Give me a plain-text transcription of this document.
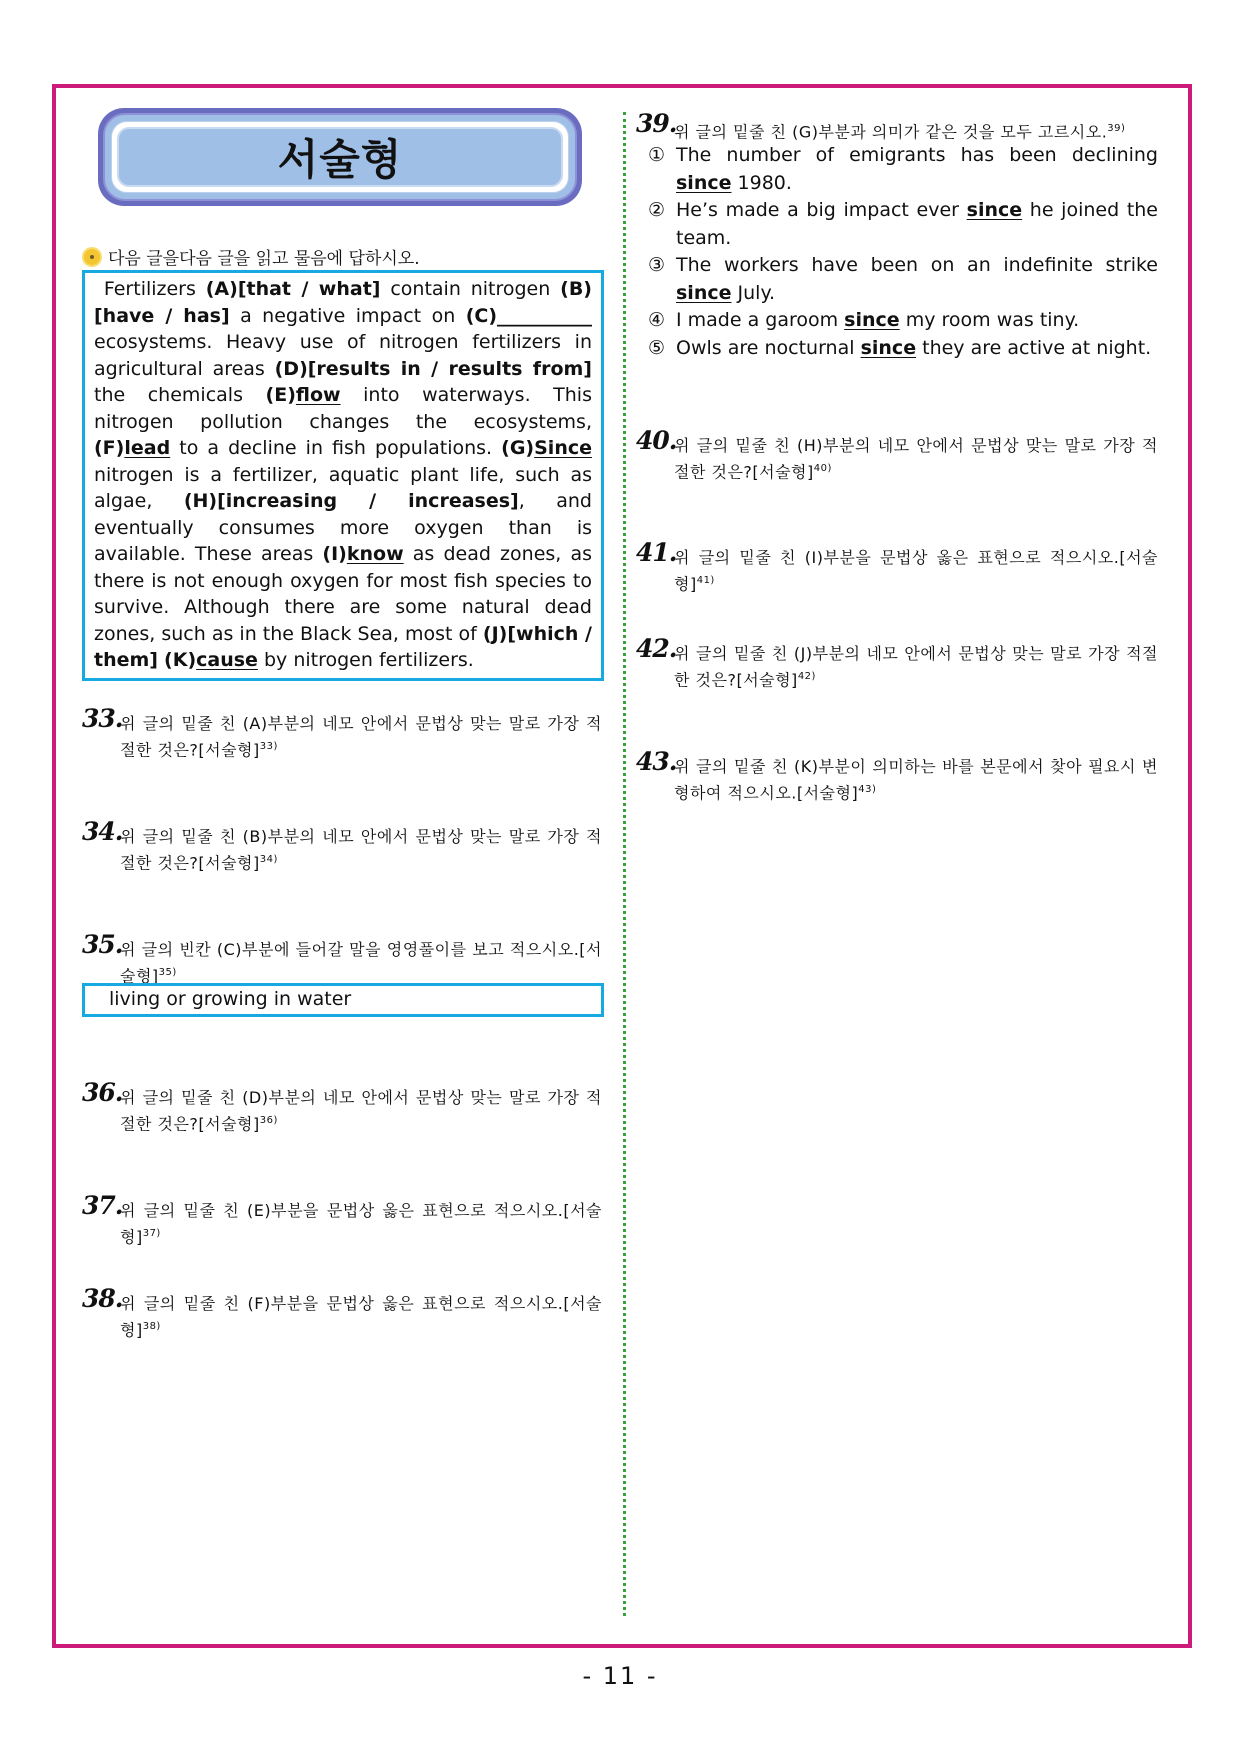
서술형
다음 글을다음 글을 읽고 물음에 답하시오.
Fertilizers (A)[that / what] contain nitrogen (B)[have / has] a negative impact on (C)__________ ecosystems. Heavy use of nitrogen fertilizers in agricultural areas (D)[results in / results from] the chemicals (E)flow into waterways. This nitrogen pollution changes the ecosystems, (F)lead to a decline in fish populations. (G)Since nitrogen is a fertilizer, aquatic plant life, such as algae, (H)[increasing / increases], and eventually consumes more oxygen than is available. These areas (I)know as dead zones, as there is not enough oxygen for most fish species to survive. Although there are some natural dead zones, such as in the Black Sea, most of (J)[which / them] (K)cause by nitrogen fertilizers.
33.
위 글의 밑줄 친 (A)부분의 네모 안에서 문법상 맞는 말로 가장 적절한 것은?[서술형]$^{33)}$
34.
위 글의 밑줄 친 (B)부분의 네모 안에서 문법상 맞는 말로 가장 적절한 것은?[서술형]$^{34)}$
35.
위 글의 빈칸 (C)부분에 들어갈 말을 영영풀이를 보고 적으시오.[서술형]$^{35)}$
living or growing in water
36.
위 글의 밑줄 친 (D)부분의 네모 안에서 문법상 맞는 말로 가장 적절한 것은?[서술형]$^{36)}$
37.
위 글의 밑줄 친 (E)부분을 문법상 옳은 표현으로 적으시오.[서술형]$^{37)}$
38.
위 글의 밑줄 친 (F)부분을 문법상 옳은 표현으로 적으시오.[서술형]$^{38)}$
39.
위 글의 밑줄 친 (G)부분과 의미가 같은 것을 모두 고르시오.$^{39)}$
① The number of emigrants has been declining since 1980.
② He’s made a big impact ever since he joined the team.
③ The workers have been on an indefinite strike since July.
④ I made a garoom since my room was tiny.
⑤ Owls are nocturnal since they are active at night.
40.
위 글의 밑줄 친 (H)부분의 네모 안에서 문법상 맞는 말로 가장 적절한 것은?[서술형]$^{40)}$
41.
위 글의 밑줄 친 (I)부분을 문법상 옳은 표현으로 적으시오.[서술형]$^{41)}$
42.
위 글의 밑줄 친 (J)부분의 네모 안에서 문법상 맞는 말로 가장 적절한 것은?[서술형]$^{42)}$
43.
위 글의 밑줄 친 (K)부분이 의미하는 바를 본문에서 찾아 필요시 변형하여 적으시오.[서술형]$^{43)}$
- 11 -
